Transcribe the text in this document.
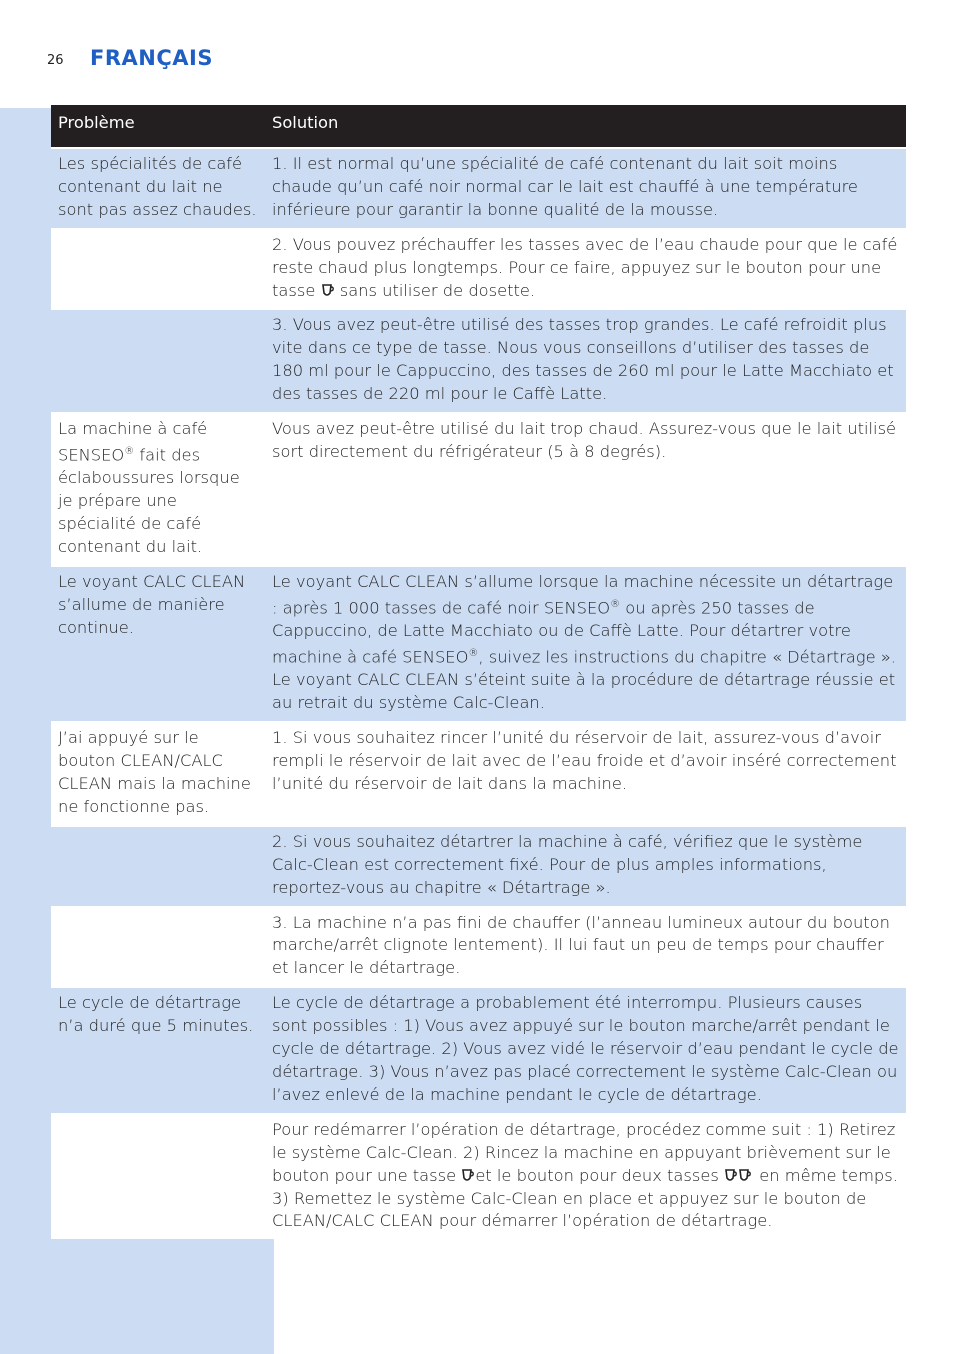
26 FRANÇAIS
Problème	Solution
Les spécialités de café contenant du lait ne sont pas assez chaudes.	1. Il est normal qu’une spécialité de café contenant du lait soit moins chaude qu’un café noir normal car le lait est chauffé à une température inférieure pour garantir la bonne qualité de la mousse.
	2. Vous pouvez préchauffer les tasses avec de l’eau chaude pour que le café reste chaud plus longtemps. Pour ce faire, appuyez sur le bouton pour une tasse sans utiliser de dosette.
	3. Vous avez peut-être utilisé des tasses trop grandes. Le café refroidit plus vite dans ce type de tasse. Nous vous conseillons d’utiliser des tasses de 180 ml pour le Cappuccino, des tasses de 260 ml pour le Latte Macchiato et des tasses de 220 ml pour le Caffè Latte.
La machine à café SENSEO® fait des éclaboussures lorsque je prépare une spécialité de café contenant du lait.	Vous avez peut-être utilisé du lait trop chaud. Assurez-vous que le lait utilisé sort directement du réfrigérateur (5 à 8 degrés).
Le voyant CALC CLEAN s’allume de manière continue.	Le voyant CALC CLEAN s’allume lorsque la machine nécessite un détartrage : après 1 000 tasses de café noir SENSEO® ou après 250 tasses de Cappuccino, de Latte Macchiato ou de Caffè Latte. Pour détartrer votre machine à café SENSEO®, suivez les instructions du chapitre « Détartrage ». Le voyant CALC CLEAN s’éteint suite à la procédure de détartrage réussie et au retrait du système Calc-Clean.
J’ai appuyé sur le bouton CLEAN/CALC CLEAN mais la machine ne fonctionne pas.	1. Si vous souhaitez rincer l’unité du réservoir de lait, assurez-vous d’avoir rempli le réservoir de lait avec de l’eau froide et d’avoir inséré correctement l’unité du réservoir de lait dans la machine.
	2. Si vous souhaitez détartrer la machine à café, vérifiez que le système Calc-Clean est correctement fixé. Pour de plus amples informations, reportez-vous au chapitre « Détartrage ».
	3. La machine n’a pas fini de chauffer (l’anneau lumineux autour du bouton marche/arrêt clignote lentement). Il lui faut un peu de temps pour chauffer et lancer le détartrage.
Le cycle de détartrage n’a duré que 5 minutes.	Le cycle de détartrage a probablement été interrompu. Plusieurs causes sont possibles : 1) Vous avez appuyé sur le bouton marche/arrêt pendant le cycle de détartrage. 2) Vous avez vidé le réservoir d’eau pendant le cycle de détartrage. 3) Vous n’avez pas placé correctement le système Calc-Clean ou l’avez enlevé de la machine pendant le cycle de détartrage.
	Pour redémarrer l’opération de détartrage, procédez comme suit : 1) Retirez le système Calc-Clean. 2) Rincez la machine en appuyant brièvement sur le bouton pour une tasse et le bouton pour deux tasses en même temps. 3) Remettez le système Calc-Clean en place et appuyez sur le bouton de CLEAN/CALC CLEAN pour démarrer l’opération de détartrage.
